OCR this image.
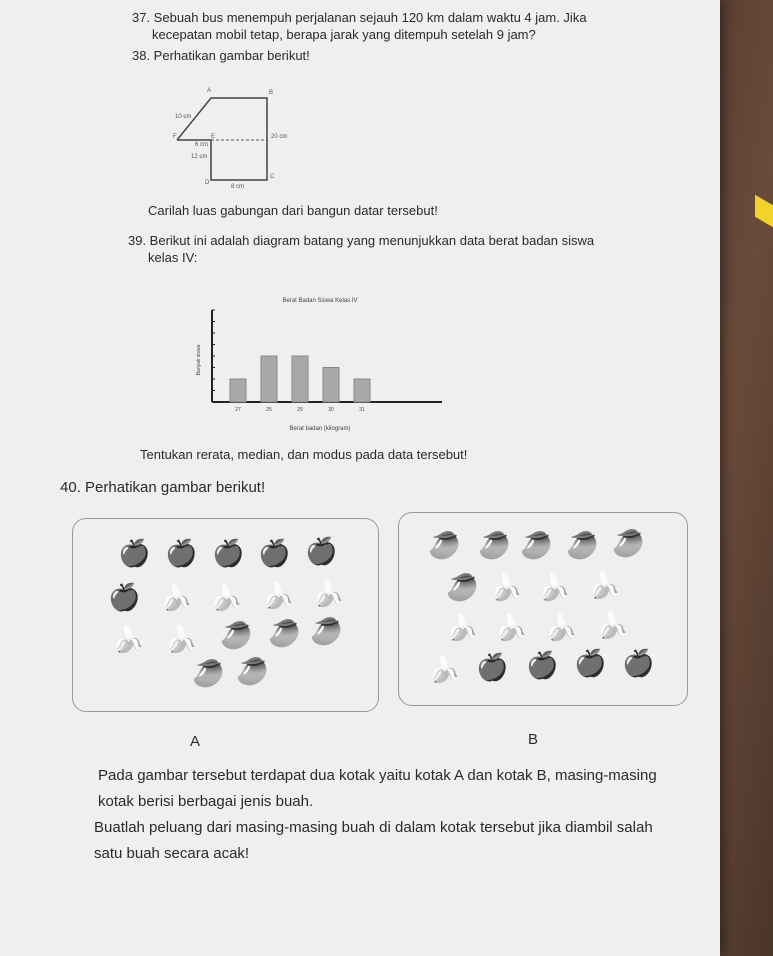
37. Sebuah bus menempuh perjalanan sejauh 120 km dalam waktu 4 jam. Jika
kecepatan mobil tetap, berapa jarak yang ditempuh setelah 9 jam?
38. Perhatikan gambar berikut!
A	B
C
D
E
F
10 cm
6 cm
20 cm
12 cm
8 cm
Carilah luas gabungan dari bangun datar tersebut!
39. Berikut ini adalah diagram batang yang menunjukkan data berat badan siswa
kelas IV:
Berat Badan Siswa Kelas IV
Berat badan (kilogram)
Banyak siswa
27	25	29	30	31
Tentukan rerata, median, dan modus pada data tersebut!
40. Perhatikan gambar berikut!
🍎 🍎 🍎 🍎 🍎
🍎 🍌 🍌 🍌 🍌
🍌 🍌 🥭 🥭 🥭
🥭 🥭
🥭 🥭 🥭 🥭 🥭
🥭 🍌 🍌 🍌
🍌 🍌 🍌 🍌
🍌 🍎 🍎 🍎 🍎
A	B
Pada gambar tersebut terdapat dua kotak yaitu kotak A dan kotak B, masing-masing
kotak berisi berbagai jenis buah.
Buatlah peluang dari masing-masing buah di dalam kotak tersebut jika diambil salah
satu buah secara acak!
